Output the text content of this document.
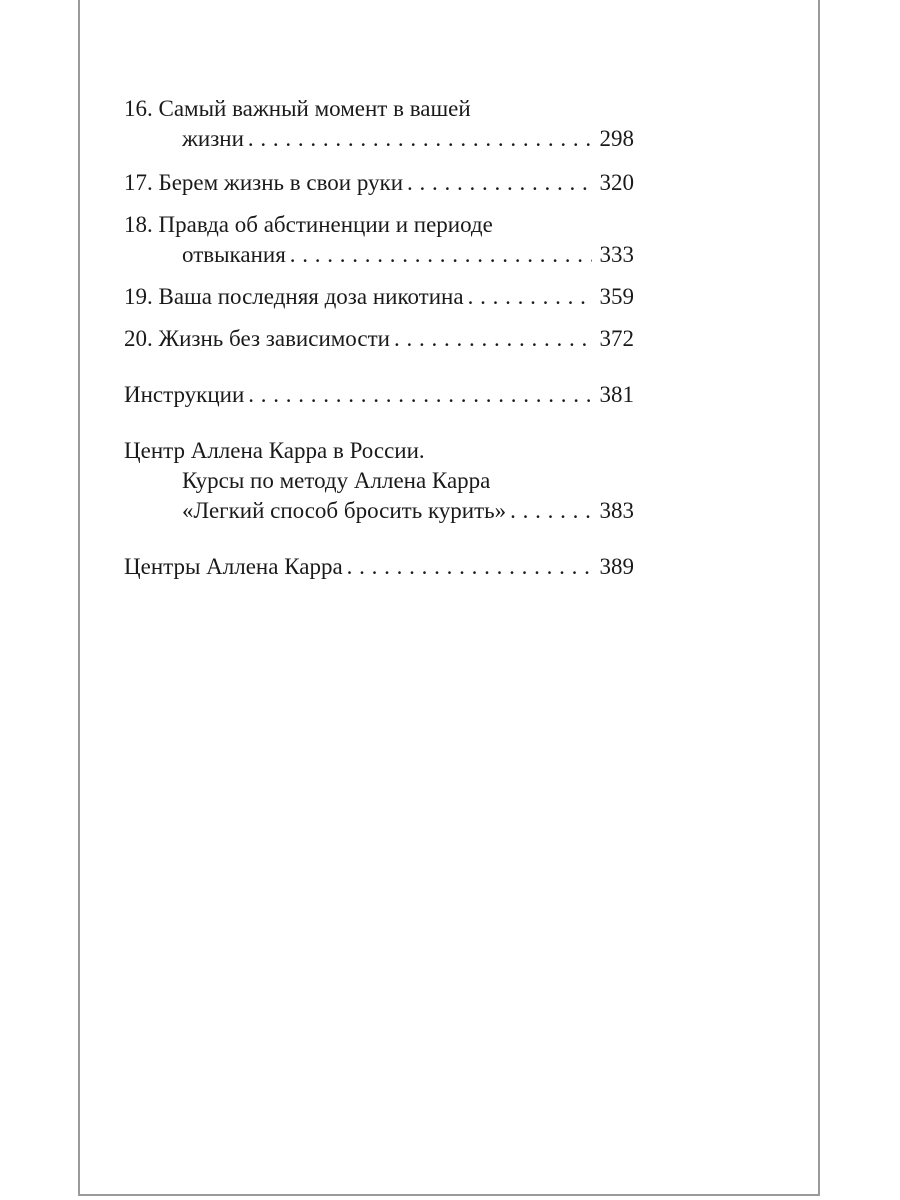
16. Самый важный момент в вашей
жизни . . .	298
17. Берем жизнь в свои руки . . .	320
18. Правда об абстиненции и периоде
отвыкания . . .	333
19. Ваша последняя доза никотина . . .	359
20. Жизнь без зависимости . . .	372
Инструкции . . .	381
Центр Аллена Карра в России.
Курсы по методу Аллена Карра
«Легкий способ бросить курить» . . .	383
Центры Аллена Карра . . .	389
